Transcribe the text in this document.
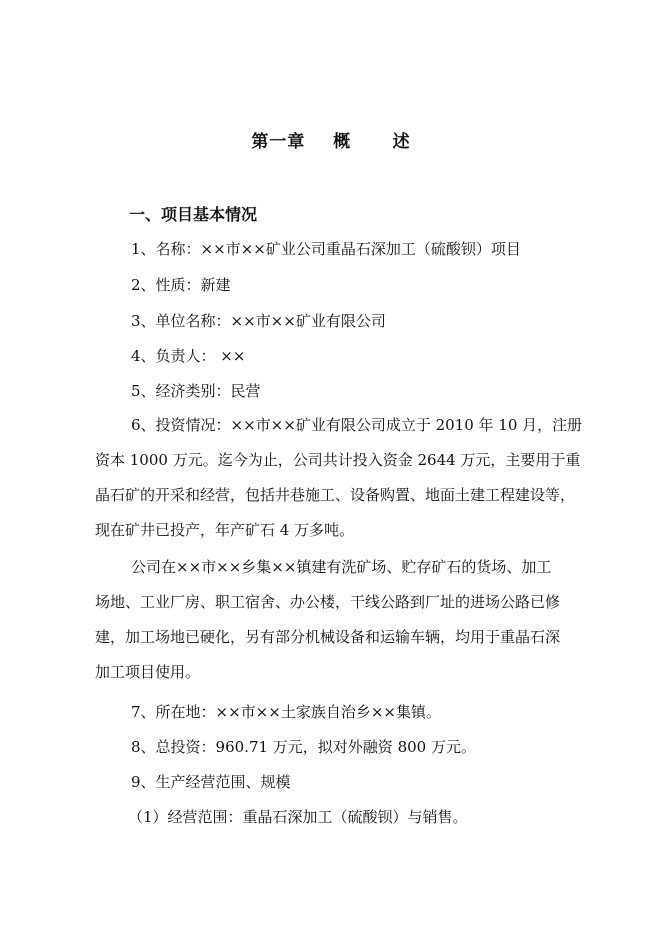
第一章 概 述
一、项目基本情况
1、名称：××市××矿业公司重晶石深加工（硫酸钡）项目
2、性质：新建
3、单位名称：××市××矿业有限公司
4、负责人： ××
5、经济类别：民营
6、投资情况：××市××矿业有限公司成立于 2010 年 10 月，注册
资本 1000 万元。迄今为止，公司共计投入资金 2644 万元，主要用于重
晶石矿的开采和经营，包括井巷施工、设备购置、地面土建工程建设等，
现在矿井已投产，年产矿石 4 万多吨。
公司在××市××乡集××镇建有洗矿场、贮存矿石的货场、加工
场地、工业厂房、职工宿舍、办公楼，干线公路到厂址的进场公路已修
建，加工场地已硬化，另有部分机械设备和运输车辆，均用于重晶石深
加工项目使用。
7、所在地：××市××土家族自治乡××集镇。
8、总投资：960.71 万元，拟对外融资 800 万元。
9、生产经营范围、规模
（1）经营范围：重晶石深加工（硫酸钡）与销售。
